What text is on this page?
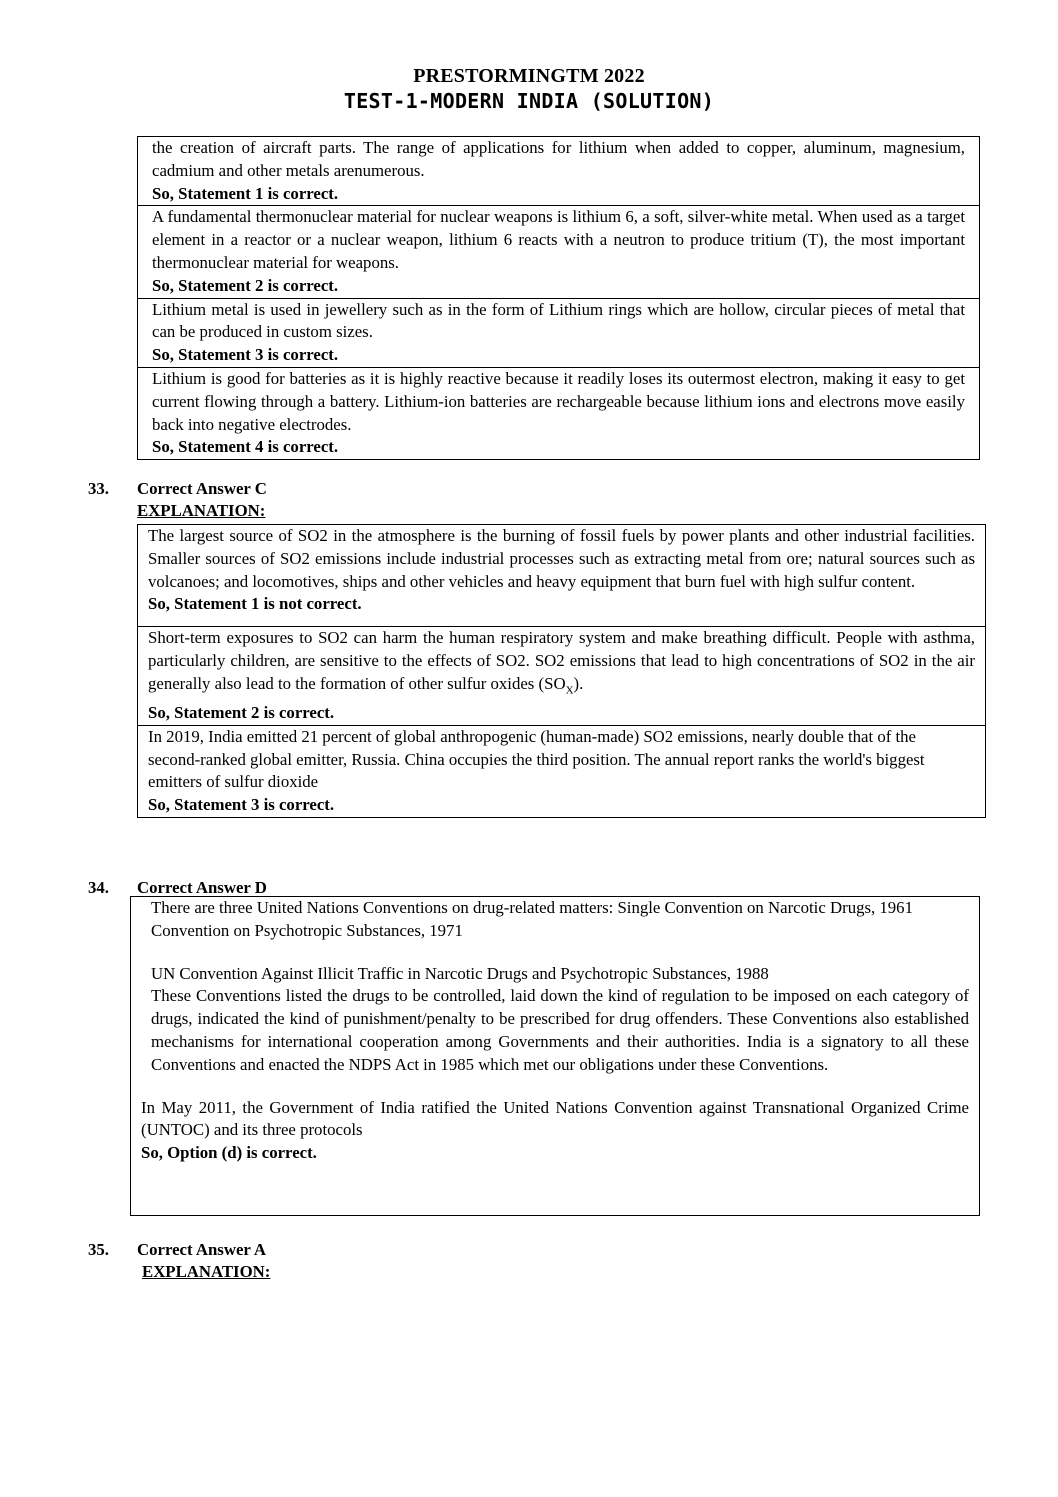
PRESTORMINGTM 2022
TEST-1-MODERN INDIA (SOLUTION)
the creation of aircraft parts. The range of applications for lithium when added to copper, aluminum, magnesium, cadmium and other metals arenumerous.
So, Statement 1 is correct.
A fundamental thermonuclear material for nuclear weapons is lithium 6, a soft, silver-white metal. When used as a target element in a reactor or a nuclear weapon, lithium 6 reacts with a neutron to produce tritium (T), the most important thermonuclear material for weapons.
So, Statement 2 is correct.
Lithium metal is used in jewellery such as in the form of Lithium rings which are hollow, circular pieces of metal that can be produced in custom sizes.
So, Statement 3 is correct.
Lithium is good for batteries as it is highly reactive because it readily loses its outermost electron, making it easy to get current flowing through a battery. Lithium-ion batteries are rechargeable because lithium ions and electrons move easily back into negative electrodes.
So, Statement 4 is correct.
33. Correct Answer C
EXPLANATION:
The largest source of SO2 in the atmosphere is the burning of fossil fuels by power plants and other industrial facilities. Smaller sources of SO2 emissions include industrial processes such as extracting metal from ore; natural sources such as volcanoes; and locomotives, ships and other vehicles and heavy equipment that burn fuel with high sulfur content.
So, Statement 1 is not correct.
Short-term exposures to SO2 can harm the human respiratory system and make breathing difficult. People with asthma, particularly children, are sensitive to the effects of SO2. SO2 emissions that lead to high concentrations of SO2 in the air generally also lead to the formation of other sulfur oxides $(SO_X)$.
So, Statement 2 is correct.
In 2019, India emitted 21 percent of global anthropogenic (human-made) SO2 emissions, nearly double that of the second-ranked global emitter, Russia. China occupies the third position. The annual report ranks the world's biggest emitters of sulfur dioxide
So, Statement 3 is correct.
34. Correct Answer D
There are three United Nations Conventions on drug-related matters: Single Convention on Narcotic Drugs, 1961
Convention on Psychotropic Substances, 1971
UN Convention Against Illicit Traffic in Narcotic Drugs and Psychotropic Substances, 1988
These Conventions listed the drugs to be controlled, laid down the kind of regulation to be imposed on each category of drugs, indicated the kind of punishment/penalty to be prescribed for drug offenders. These Conventions also established mechanisms for international cooperation among Governments and their authorities. India is a signatory to all these Conventions and enacted the NDPS Act in 1985 which met our obligations under these Conventions.
In May 2011, the Government of India ratified the United Nations Convention against Transnational Organized Crime (UNTOC) and its three protocols
So, Option (d) is correct.
35. Correct Answer A
EXPLANATION:
